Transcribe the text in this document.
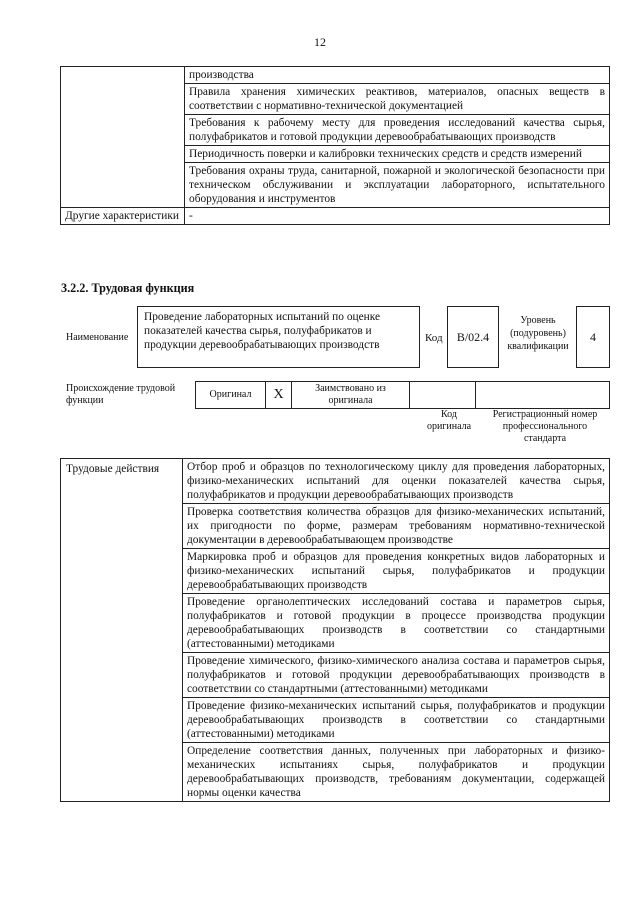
12
	производства
	Правила хранения химических реактивов, материалов, опасных веществ в соответствии с нормативно-технической документацией
	Требования к рабочему месту для проведения исследований качества сырья, полуфабрикатов и готовой продукции деревообрабатывающих производств
	Периодичность поверки и калибровки технических средств и средств измерений
	Требования охраны труда, санитарной, пожарной и экологической безопасности при техническом обслуживании и эксплуатации лабораторного, испытательного оборудования и инструментов
Другие характеристики	-
3.2.2. Трудовая функция
Наименование
Проведение лабораторных испытаний по оценке показателей качества сырья, полуфабрикатов и продукции деревообрабатывающих производств
Код	B/02.4
Уровень (подуровень) квалификации
4
Происхождение трудовой функции
Оригинал	X	Заимствовано из оригинала		
Код оригинала
Регистрационный номер профессионального стандарта
Трудовые действия	Отбор проб и образцов по технологическому циклу для проведения лабораторных, физико-механических испытаний для оценки показателей качества сырья, полуфабрикатов и продукции деревообрабатывающих производств
Проверка соответствия количества образцов для физико-механических испытаний, их пригодности по форме, размерам требованиям нормативно-технической документации в деревообрабатывающем производстве
Маркировка проб и образцов для проведения конкретных видов лабораторных и физико-механических испытаний сырья, полуфабрикатов и продукции деревообрабатывающих производств
Проведение органолептических исследований состава и параметров сырья, полуфабрикатов и готовой продукции в процессе производства продукции деревообрабатывающих производств в соответствии со стандартными (аттестованными) методиками
Проведение химического, физико-химического анализа состава и параметров сырья, полуфабрикатов и готовой продукции деревообрабатывающих производств в соответствии со стандартными (аттестованными) методиками
Проведение физико-механических испытаний сырья, полуфабрикатов и продукции деревообрабатывающих производств в соответствии со стандартными (аттестованными) методиками
Определение соответствия данных, полученных при лабораторных и физико-механических испытаниях сырья, полуфабрикатов и продукции деревообрабатывающих производств, требованиям документации, содержащей нормы оценки качества
